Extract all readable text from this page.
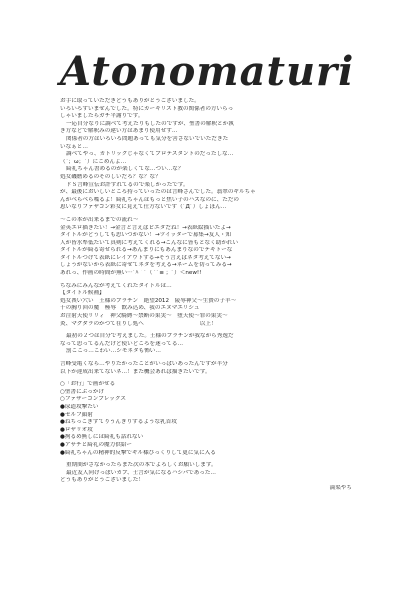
Atonomaturi
お手に取っていただきどうもありがとうございました。
いろいろすいませんでした。特にカーキリスト教の関係者の方いらっ
しゃいましたらガチ平謝りです。
一応自分なりに調べて考えたりもしたのですが、聖書の解釈とか執
き方などで解釈みの違い方はあまり使用せず…
関係者の方はいろいろ問題あっても気分を害さないでいただきた
いなぁと…
調べてやっ、カトリックじゃなくてプロテスタントのだったしな…
（´；ω；`）にごめんよ…
綺礼ちゃん書めるのが楽しくてな…つい…な？
処女磯磨めるのそのしいだろ？な？な？
ドＳ言峰宣伝お許すれてるので楽しかったです。
が、最後においしいところ持っていったのは言峰さんでした。翡翠のギルちゃ
んがべらべら喋るよ！綺礼ちゃんはもっと焦い子のハズなのに、ただの
恵いなりファザコン彩女に見えて仕方ないです（ﾟДﾟ）しょぼん…
〜この本が出来るまでの流れ〜
金英エロ描きたい！→金言と言えばピエタだね！→表紙絵描いたよ→
タイトルがどうしても思いつかない！→ツイッターで募集→友人・知
人が皆水準低たいて真剣に考えてくれる→こんなに皆もとなく助かれい
タイトルが綺る寄せられる→あんまりにもあんまりなのでテキトーな
タイトルつけて表紙にレイアウトする→そう言えばネタ考えてない→
しょうがないから表紙に寄せてネタを考える→ネームを切ってみる→
あれっ、作画の時間が無い…ﾟﾊ｀ﾟ（ ﾟﾟ≡ ；ﾟ）＜new!!
ちなみにみんなが考えてくれたタイトルは…
【タイトル候補】
処女喪い穴い　王様のプラチン　絶望2012　陵辱神父〜生贄の子羊〜
千の胸り回の魔　極辱　飲み込め、我のエヌマエリシュ
お注射天使リリィ　神父騎縛〜禁断の果実〜　堕天使〜罪の果実〜
炎、マグダラのかつて在りし処へ　　　　　　　　　　以上！
最初の２つは自分で考えました。王様のプラチンが我ながら秀逸だ
なって思ってるんだけど使いどころを迷ってる…
罰ここっ…こわい…シモネタも怖い…
言峰受亀くなら…やりたかったことがいっぱいあったんですが半分
以下か達成出来てないネ…！また機会あれば描きたいです。
○「お行」で画がせる
○聖書にぶっかけ
○ファザーコンプレックス
●尿道攻撃たい
●セルフ顔射
●ねちっこぎすてりうんぎりするような乳首攻
●ロザリオ攻
●拘るめ無しには綺礼も話れない
●アサチと綺礼の魔力供給ー
●綺礼ちゃんの精神的反撃でギル様びっくりして更に気に入る
重期間がさなかったらまた次の本でよろしくお願いします。
最近友人向けっぽいカプ、士言が気になるハシバであった…
どうもありがとうございました！
満渠やち
